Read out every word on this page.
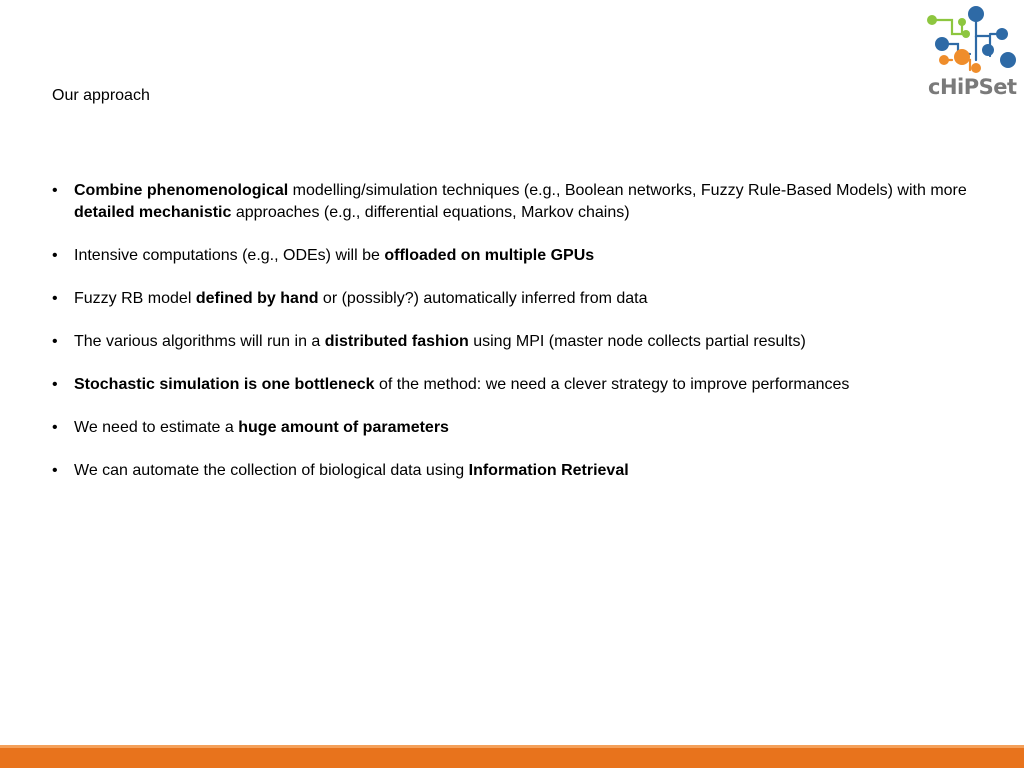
cHiPSet
Our approach
• Combine phenomenological modelling/simulation techniques (e.g., Boolean networks, Fuzzy Rule-Based Models) with more detailed mechanistic approaches (e.g., differential equations, Markov chains)
• Intensive computations (e.g., ODEs) will be offloaded on multiple GPUs
• Fuzzy RB model defined by hand or (possibly?) automatically inferred from data
• The various algorithms will run in a distributed fashion using MPI (master node collects partial results)
• Stochastic simulation is one bottleneck of the method: we need a clever strategy to improve performances
• We need to estimate a huge amount of parameters
• We can automate the collection of biological data using Information Retrieval
